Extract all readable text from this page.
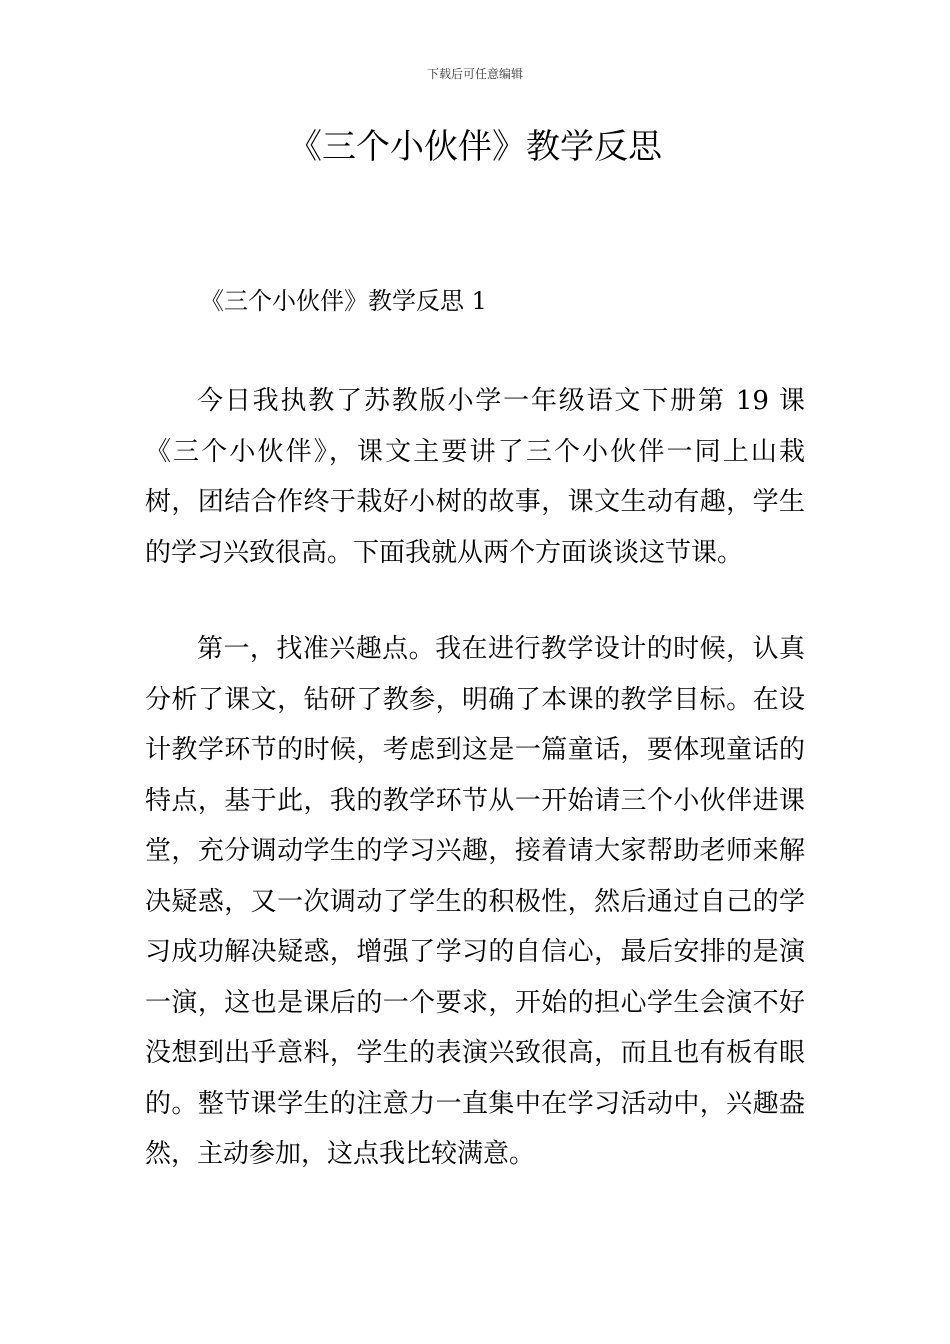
下载后可任意编辑
《三个小伙伴》教学反思
《三个小伙伴》教学反思 1

今日我执教了苏教版小学一年级语文下册第 19 课《三个小伙伴》，课文主要讲了三个小伙伴一同上山栽树，团结合作终于栽好小树的故事，课文生动有趣，学生的学习兴致很高。下面我就从两个方面谈谈这节课。

第一，找准兴趣点。我在进行教学设计的时候，认真分析了课文，钻研了教参，明确了本课的教学目标。在设计教学环节的时候，考虑到这是一篇童话，要体现童话的特点，基于此，我的教学环节从一开始请三个小伙伴进课堂，充分调动学生的学习兴趣，接着请大家帮助老师来解决疑惑，又一次调动了学生的积极性，然后通过自己的学习成功解决疑惑，增强了学习的自信心，最后安排的是演一演，这也是课后的一个要求，开始的担心学生会演不好没想到出乎意料，学生的表演兴致很高，而且也有板有眼的。整节课学生的注意力一直集中在学习活动中，兴趣盎然，主动参加，这点我比较满意。
